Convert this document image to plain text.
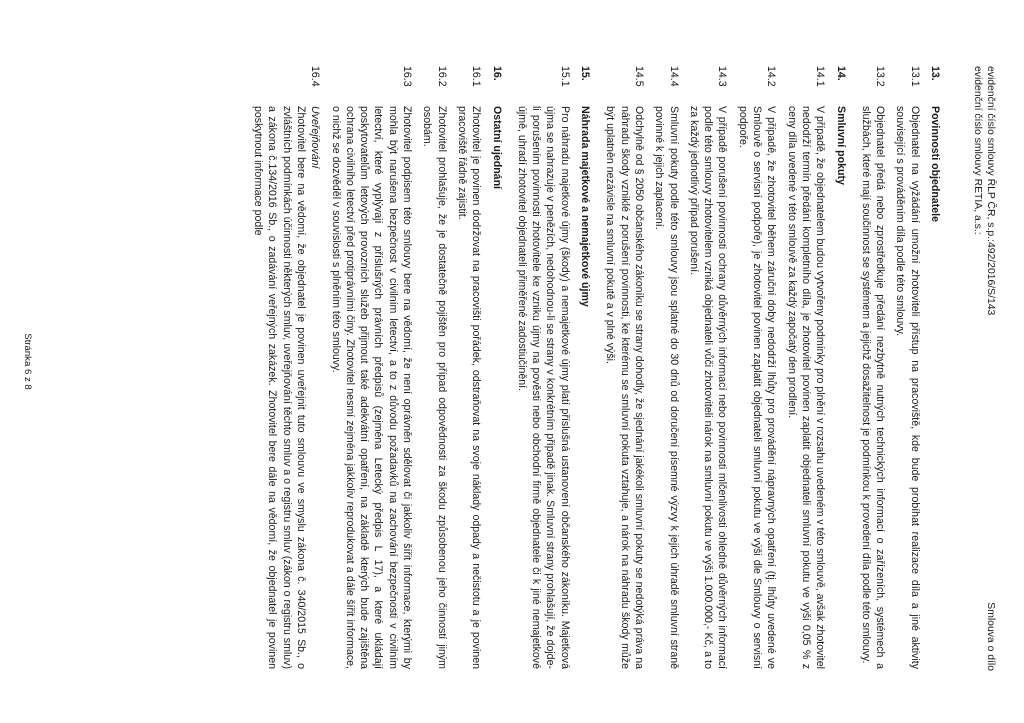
evidenční číslo smlouvy ŘLP ČR, s.p.:492/2016/S/143
evidenční číslo smlouvy RETIA, a.s.:
Smlouva o dílo
13.
Povinnosti objednatele
13.1
Objednatel na vyžádání umožní zhotoviteli přístup na pracoviště, kde bude probíhat realizace díla a jiné aktivity související s prováděním díla podle této smlouvy.
13.2
Objednatel předá nebo zprostředkuje předání nezbytně nutných technických informací o zařízeních, systémech a službách, které mají součinnost se systémem a jejichž dosažitelnost je podmínkou k provedení díla podle této smlouvy.
14.
Smluvní pokuty
14.1
V případě, že objednatelem budou vytvořeny podmínky pro plnění v rozsahu uvedeném v této smlouvě, avšak zhotovitel nedodrží termín předání kompletního díla, je zhotovitel povinen zaplatit objednateli smluvní pokutu ve výši 0,05 % z ceny díla uvedené v této smlouvě za každý započatý den prodlení.
14.2
V případě, že zhotovitel během záruční doby nedodrží lhůty pro provádění nápravných opatření (tj. lhůty uvedené ve Smlouvě o servisní podpoře), je zhotovitel povinen zaplatit objednateli smluvní pokutu ve výši dle Smlouvy o servisní podpoře.
14.3
V případě porušení povinnosti ochrany důvěrných informací nebo povinnosti mlčenlivosti ohledně důvěrných informací podle této smlouvy zhotovitelem vzniká objednateli vůči zhotoviteli nárok na smluvní pokutu ve výši 1.000.000,- Kč, a to za každý jednotlivý případ porušení.
14.4
Smluvní pokuty podle této smlouvy jsou splatné do 30 dnů od doručení písemné výzvy k jejich úhradě smluvní straně povinné k jejich zaplacení.
14.5
Odchylně od § 2050 občanského zákoníku se strany dohodly, že sjednání jakékoli smluvní pokuty se nedotýká práva na náhradu škody vzniklé z porušení povinnosti, ke kterému se smluvní pokuta vztahuje, a nárok na náhradu škody může být uplatněn nezávisle na smluvní pokutě a v plné výši.
15.
Náhrada majetkové a nemajetkové újmy
15.1
Pro náhradu majetkové újmy (škody) a nemajetkové újmy platí příslušná ustanovení občanského zákoníku. Majetková újma se nahrazuje v penězích, nedohodnou-li se strany v konkrétním případě jinak. Smluvní strany prohlašují, že dojde-li porušením povinnosti zhotovitele ke vzniku újmy na pověsti nebo obchodní firmě objednatele či k jiné nemajetkové újmě, uhradí zhotovitel objednateli přiměřené zadostiučinění.
16.
Ostatní ujednání
16.1
Zhotovitel je povinen dodržovat na pracovišti pořádek, odstraňovat na svoje náklady odpady a nečistotu a je povinen pracoviště řádně zajistit.
16.2
Zhotovitel prohlašuje, že je dostatečně pojištěn pro případ odpovědnosti za škodu způsobenou jeho činností jiným osobám.
16.3
Zhotovitel podpisem této smlouvy bere na vědomí, že není oprávněn sdělovat či jakkoliv šířit informace, kterými by mohla být narušena bezpečnost v civilním letectví, a to z důvodu požadavků na zachování bezpečnosti v civilním letectví, které vyplývají z příslušných právních předpisů (zejména Letecký předpis L 17), a které ukládají poskytovatelům letových provozních služeb přijmout také adekvátní opatření, na základě kterých bude zajištěna ochrana civilního letectví před protiprávními činy. Zhotovitel nesmí zejména jakkoliv reprodukovat a dále šířit informace, o nichž se dozvěděl v souvislosti s plněním této smlouvy.
16.4
Uveřejňování
Zhotovitel bere na vědomí, že objednatel je povinen uveřejnit tuto smlouvu ve smyslu zákona č. 340/2015 Sb., o zvláštních podmínkách účinnosti některých smluv, uveřejňování těchto smluv a o registru smluv (zákon o registru smluv) a zákona č.134/2016 Sb., o zadávání veřejných zakázek. Zhotovitel bere dále na vědomí, že objednatel je povinen poskytnout informace podle
Stránka 6 z 8
